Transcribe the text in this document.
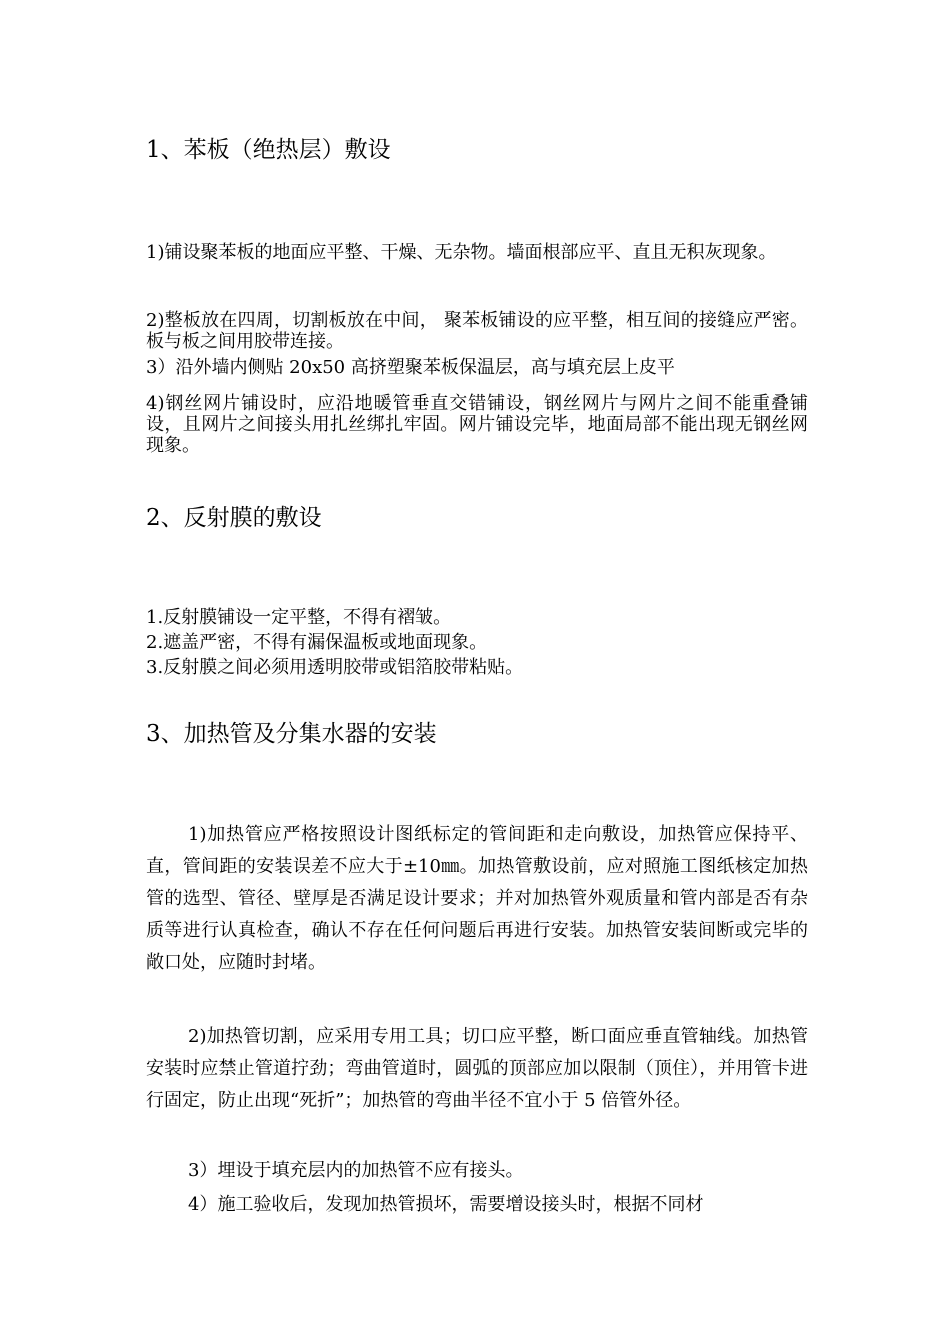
1、苯板（绝热层）敷设

1)铺设聚苯板的地面应平整、干燥、无杂物。墙面根部应平、直且无积灰现象。

2)整板放在四周，切割板放在中间， 聚苯板铺设的应平整，相互间的接缝应严密。板与板之间用胶带连接。

3）沿外墙内侧贴 20x50 高挤塑聚苯板保温层，高与填充层上皮平

4)钢丝网片铺设时，应沿地暖管垂直交错铺设，钢丝网片与网片之间不能重叠铺设，且网片之间接头用扎丝绑扎牢固。网片铺设完毕，地面局部不能出现无钢丝网现象。

2、反射膜的敷设

1.反射膜铺设一定平整，不得有褶皱。

2.遮盖严密，不得有漏保温板或地面现象。

3.反射膜之间必须用透明胶带或铝箔胶带粘贴。

3、加热管及分集水器的安装

1)加热管应严格按照设计图纸标定的管间距和走向敷设，加热管应保持平、直，管间距的安装误差不应大于±10㎜。加热管敷设前，应对照施工图纸核定加热管的选型、管径、壁厚是否满足设计要求；并对加热管外观质量和管内部是否有杂质等进行认真检查，确认不存在任何问题后再进行安装。加热管安装间断或完毕的敞口处，应随时封堵。

2)加热管切割，应采用专用工具；切口应平整，断口面应垂直管轴线。加热管安装时应禁止管道拧劲；弯曲管道时，圆弧的顶部应加以限制（顶住），并用管卡进行固定，防止出现“死折”；加热管的弯曲半径不宜小于 5 倍管外径。

3）埋设于填充层内的加热管不应有接头。

4）施工验收后，发现加热管损坏，需要增设接头时，根据不同材
